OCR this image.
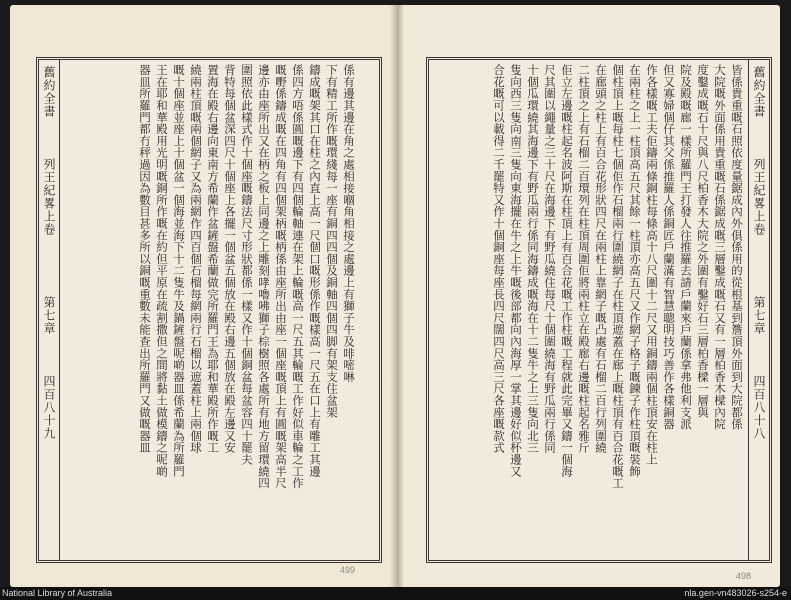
係有邊其邊在角之處相接嗰角相接之處邊上有獅子牛及啡嘧啉
下有精工所作嘅環綫每一座有銅四四個及銅軸四個四脚有架支住盆架
鑄成嘅架其口在柱之內直上高一尺個口嘅形係作嘅樣高一尺五在口上有雕工其邊
係四方唔係圓嘅邊下有四個輪軸連在架上輪嘅高一尺五其輪嘅工作好似車輪之工作
嘅嘢係鑄成嘅在四角有四個架柄嘅柄係由座所出由座一個座嘅頂上有圓嘅架高半尺
邊亦由座所出又在柄之板上同邊之上雕刻哮嚕咈獅子棕樹照各處所有地方留環繞四
圍照依此樣式作十個座嘅鑄法尺寸形狀都係一樣又作十個銅盆每盆容四十罷夫
背特每個盆深四尺十個座上各擺一個盆五個放在殿右邊五個放在殿左邊又安
置海在殿右邊向東南方希蘭作盆鏟盤希蘭做完所羅門王為耶和華殿所作嘅工
繞兩柱頂嘅兩個網子又為兩網作四百個石榴每網兩行石榴以遮蓋柱上兩個球
嘅十個座並座上十個盆一個海並海下十二隻牛及鍋鏟盤呢啲器皿係希蘭為所羅門
王在耶和華殿用光明嘅銅所作嘅在約但平原在疏割撒但之間將黏土做模鑄之呢啲
器皿所羅門都冇秤過因為數目甚多所以銅嘅重數未能查出所羅門又做嘅器皿
舊約全書
列王紀畧上卷
第七章
四百八十九
499
皆係貴重嘅石照依度量鋸成內外俱係用的從根基到簷頂外面到大院都係
大院嘅外面係用貴重嘅石係鋸成嘅三層鑿成嘅石又有一層柏香木樑內院
度鑿成嘅石十尺與八尺柏香木大院之外圍有鑿好石三層柏香樑一層與
院及殿嘅廊一樣所羅門王打發人往推羅去請戶蘭來戶蘭係拿弗他利支派
但又寡婦個仔其父係推羅人係銅匠戶蘭滿有智慧聰明技巧善作各樣銅器
作各樣嘅工夫佢鑄兩條銅柱每條高十八尺圍十二尺又用銅鑄兩個柱頂安在柱上
在兩柱之上一柱頂高五尺其餘一柱頂亦高五尺又作網子格子嘅鍊子作柱頂嘅裝飾
個柱頂上嘅每柱七個佢作石榴兩行圍繞網子在柱頂遮蓋在廊上嘅柱頂有百合花嘅工
在廊頭之柱上有百合花形狀四尺在兩柱上靠網子嘅凸處有石榴二百行列圍繞
二柱頂之上有石榴二百環列在柱頂周圍佢將兩柱立在殿廊右邊嘅柱起名雅斤
佢立左邊嘅柱起名波阿斯在柱頂上有百合花嘅工作柱嘅工程就此完畢又鑄一個海
尺其圍以繩量之三十尺在海邊下有野瓜繞住每尺十個圍繞海有野瓜兩行係同
十個瓜環繞其海邊下有野瓜兩行係同海鑄成嘅海在十二隻牛之上三隻向北三
隻向西三隻向南三隻向東海擺在牛之上牛嘅後部都向內海厚一掌其邊好似杯邊又
合花嘅可以載得二千罷特又作十個銅座每座長四尺闊四尺高三尺各座嘅款式	舊約全書
列王紀畧上卷
第七章
四百八十八
498
National Library of Australia	nla.gen-vn483026-s254-e
